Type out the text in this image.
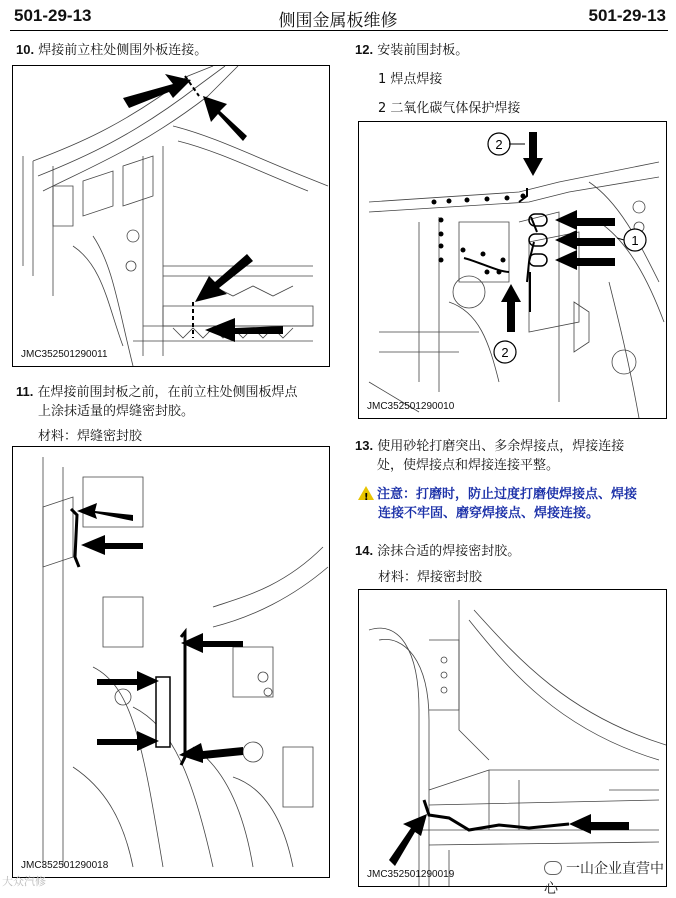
501-29-13	侧围金属板维修	501-29-13
10. 焊接前立柱处侧围外板连接。
JMC352501290011
11. 在焊接前围封板之前，在前立柱处侧围板焊点
上涂抹适量的焊缝密封胶。
材料：焊缝密封胶
JMC352501290018
12. 安装前围封板。
1 焊点焊接
2 二氧化碳气体保护焊接
2
1
2
JMC352501290010
13. 使用砂轮打磨突出、多余焊接点，焊接连接
处，使焊接点和焊接连接平整。
! 注意：打磨时，防止过度打磨使焊接点、焊接
连接不牢固、磨穿焊接点、焊接连接。
14. 涂抹合适的焊接密封胶。
材料：焊接密封胶
JMC352501290019	一山企业直营中心
大众汽修
